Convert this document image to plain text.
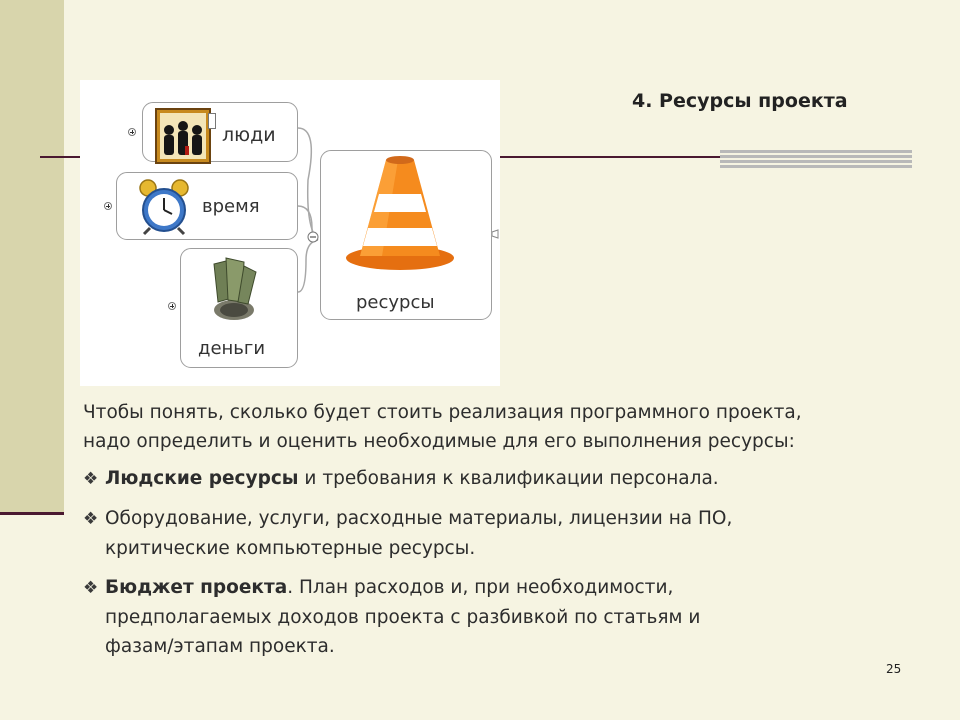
4. Ресурсы проекта
люди
время
деньги
ресурсы

Чтобы понять, сколько будет стоить реализация программного проекта,
надо определить и оценить необходимые для его выполнения ресурсы:

❖ Людские ресурсы и требования к квалификации персонала.

❖ Оборудование, услуги, расходные материалы, лицензии на ПО,
критические компьютерные ресурсы.

❖ Бюджет проекта. План расходов и, при необходимости,
предполагаемых доходов проекта с разбивкой по статьям и
фазам/этапам проекта.

25
